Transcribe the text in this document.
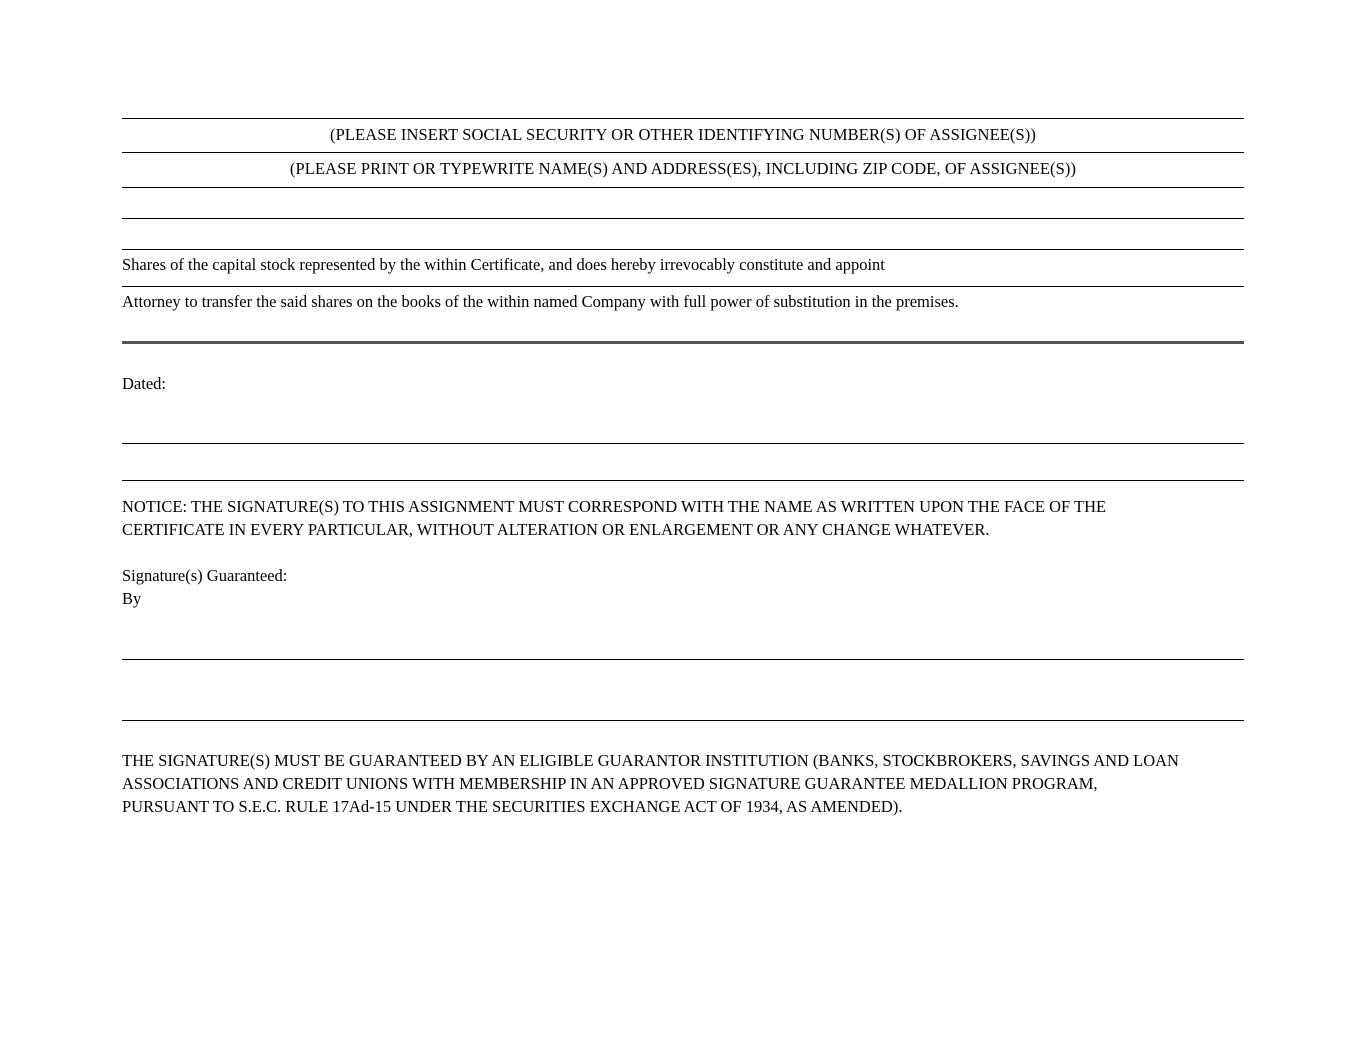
(PLEASE INSERT SOCIAL SECURITY OR OTHER IDENTIFYING NUMBER(S) OF ASSIGNEE(S))
(PLEASE PRINT OR TYPEWRITE NAME(S) AND ADDRESS(ES), INCLUDING ZIP CODE, OF ASSIGNEE(S))
Shares of the capital stock represented by the within Certificate, and does hereby irrevocably constitute and appoint
Attorney to transfer the said shares on the books of the within named Company with full power of substitution in the premises.
Dated:
NOTICE: THE SIGNATURE(S) TO THIS ASSIGNMENT MUST CORRESPOND WITH THE NAME AS WRITTEN UPON THE FACE OF THE
CERTIFICATE IN EVERY PARTICULAR, WITHOUT ALTERATION OR ENLARGEMENT OR ANY CHANGE WHATEVER.
Signature(s) Guaranteed:
By
THE SIGNATURE(S) MUST BE GUARANTEED BY AN ELIGIBLE GUARANTOR INSTITUTION (BANKS, STOCKBROKERS, SAVINGS AND LOAN
ASSOCIATIONS AND CREDIT UNIONS WITH MEMBERSHIP IN AN APPROVED SIGNATURE GUARANTEE MEDALLION PROGRAM,
PURSUANT TO S.E.C. RULE 17Ad-15 UNDER THE SECURITIES EXCHANGE ACT OF 1934, AS AMENDED).
